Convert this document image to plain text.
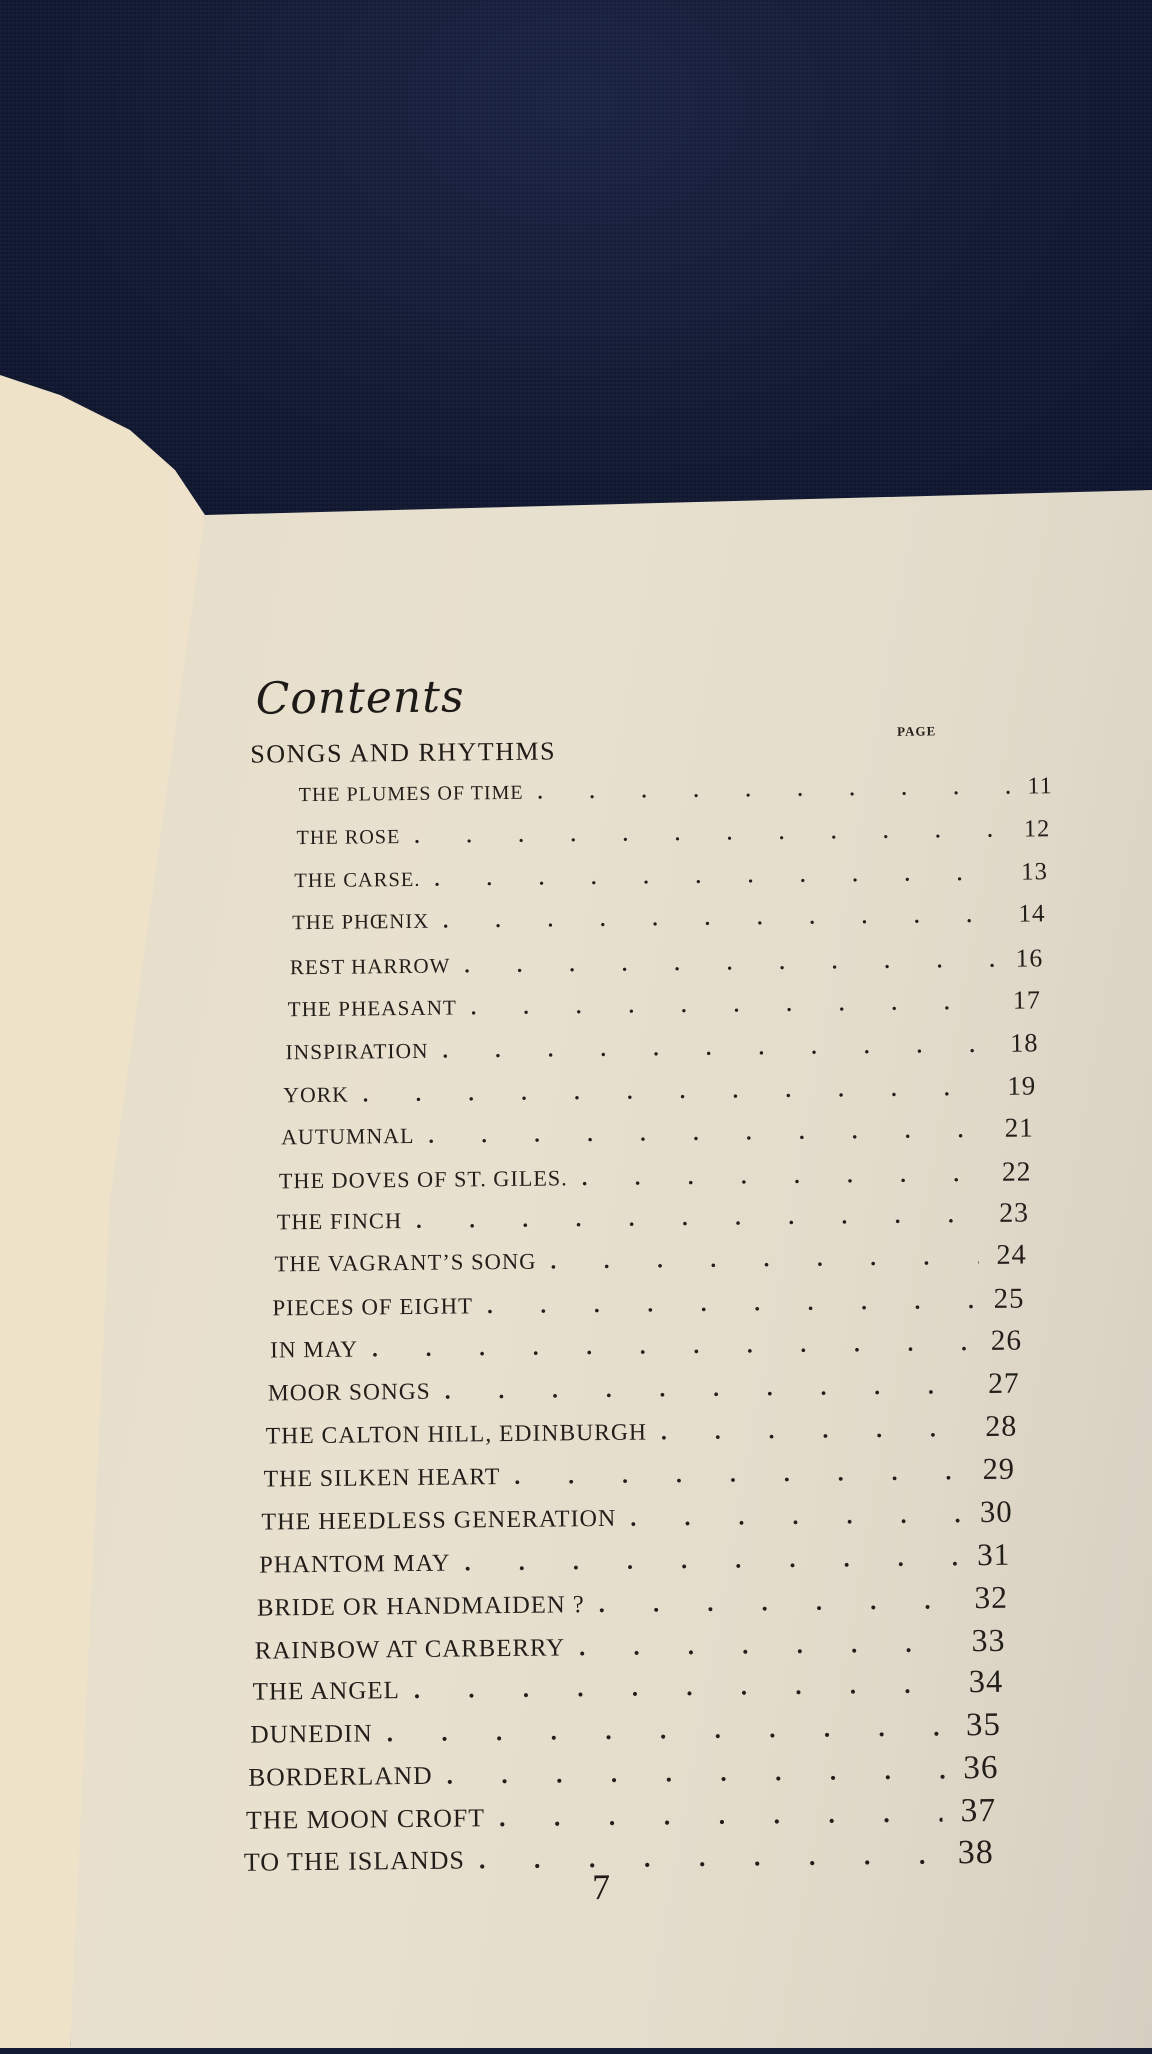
Contents
PAGE
SONGS AND RHYTHMS
THE PLUMES OF TIME . . .	11
THE ROSE . . .	12
THE CARSE. . . .	13
THE PHŒNIX . . .	14
REST HARROW . . .	16
THE PHEASANT . . .	17
INSPIRATION . . .	18
YORK . . .	19
AUTUMNAL . . .	21
THE DOVES OF ST. GILES. . . .	22
THE FINCH . . .	23
THE VAGRANT’S SONG . . .	24
PIECES OF EIGHT . . .	25
IN MAY . . .	26
MOOR SONGS . . .	27
THE CALTON HILL, EDINBURGH . . .	28
THE SILKEN HEART . . .	29
THE HEEDLESS GENERATION . . .	30
PHANTOM MAY . . .	31
BRIDE OR HANDMAIDEN ? . . .	32
RAINBOW AT CARBERRY . . .	33
THE ANGEL . . .	34
DUNEDIN . . .	35
BORDERLAND . . .	36
THE MOON CROFT . . .	37
TO THE ISLANDS . . .	38
7
